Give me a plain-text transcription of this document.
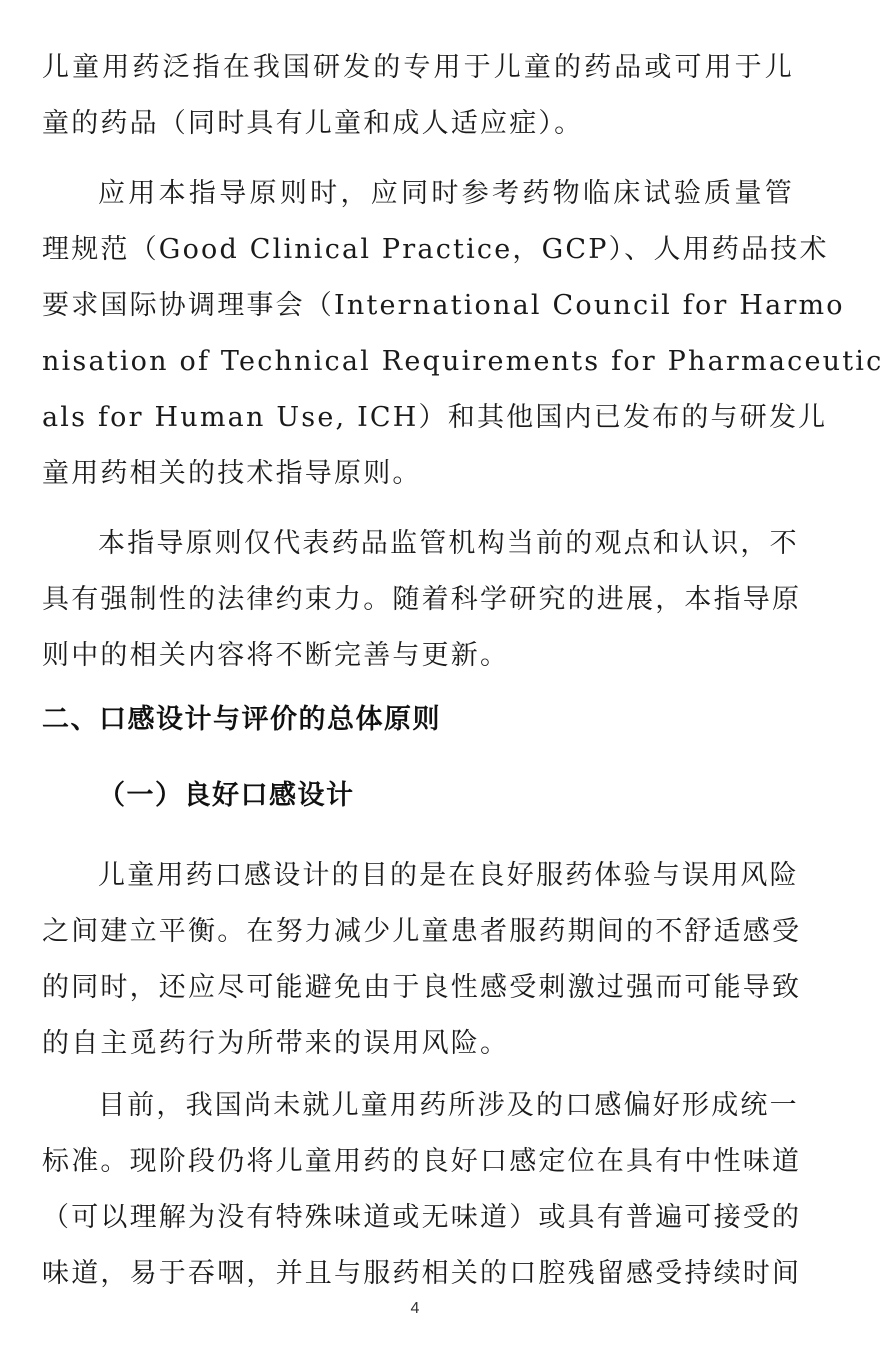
儿童用药泛指在我国研发的专用于儿童的药品或可用于儿
童的药品（同时具有儿童和成人适应症）。
应用本指导原则时，应同时参考药物临床试验质量管
理规范（Good Clinical Practice，GCP）、人用药品技术
要求国际协调理事会（International Council for Harmo
nisation of Technical Requirements for Pharmaceutic
als for Human Use, ICH）和其他国内已发布的与研发儿
童用药相关的技术指导原则。
本指导原则仅代表药品监管机构当前的观点和认识，不
具有强制性的法律约束力。随着科学研究的进展，本指导原
则中的相关内容将不断完善与更新。
二、口感设计与评价的总体原则
（一）良好口感设计
儿童用药口感设计的目的是在良好服药体验与误用风险
之间建立平衡。在努力减少儿童患者服药期间的不舒适感受
的同时，还应尽可能避免由于良性感受刺激过强而可能导致
的自主觅药行为所带来的误用风险。
目前，我国尚未就儿童用药所涉及的口感偏好形成统一
标准。现阶段仍将儿童用药的良好口感定位在具有中性味道
（可以理解为没有特殊味道或无味道）或具有普遍可接受的
味道，易于吞咽，并且与服药相关的口腔残留感受持续时间
4
